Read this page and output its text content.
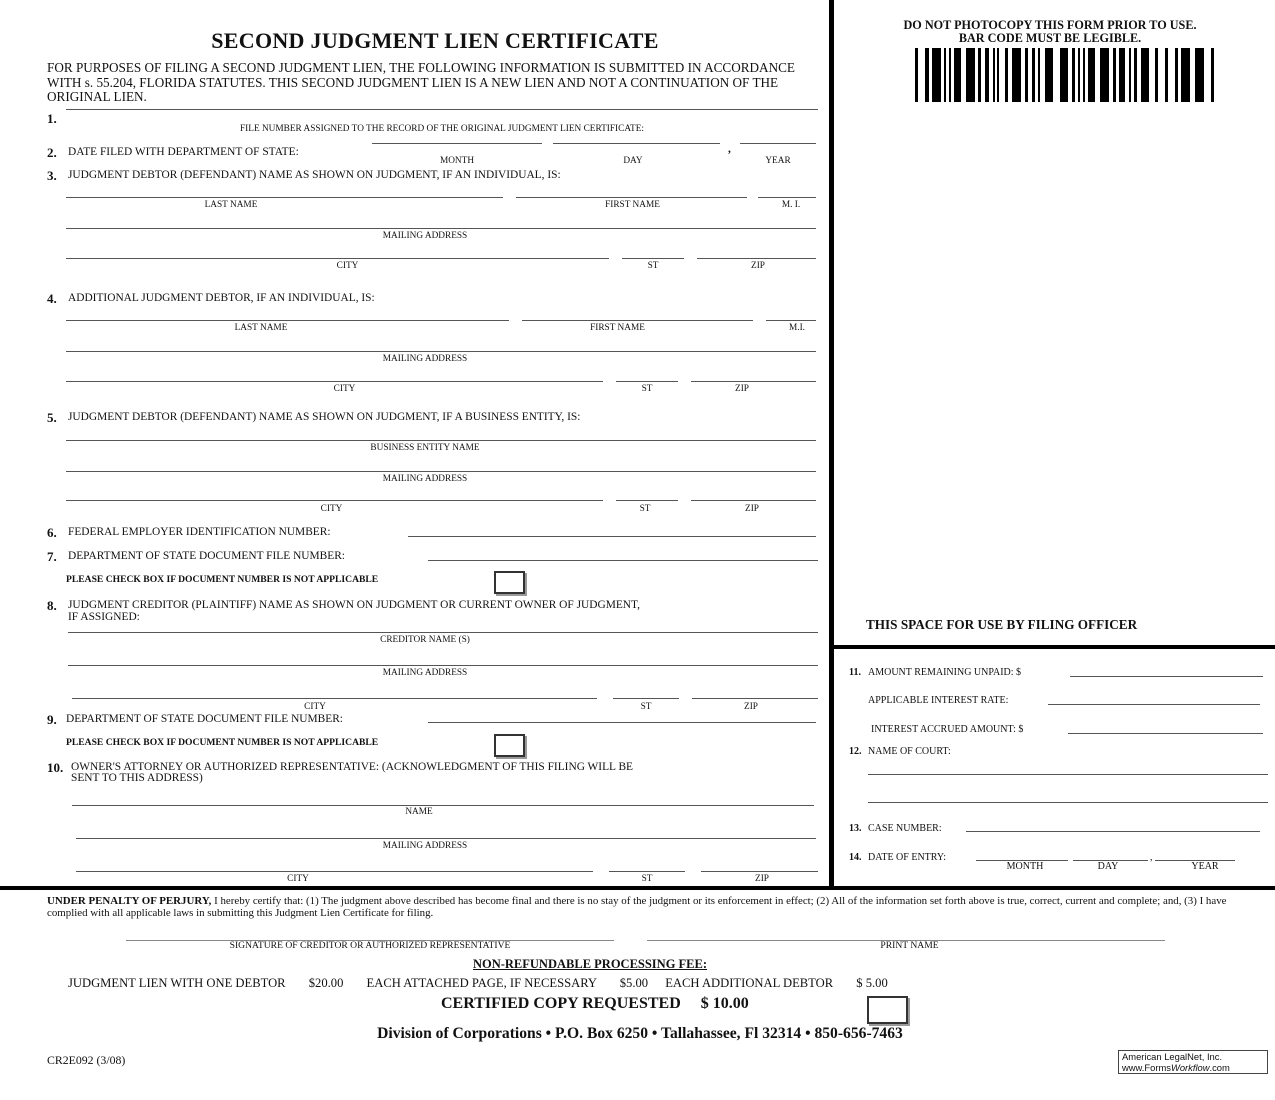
SECOND JUDGMENT LIEN CERTIFICATE
FOR PURPOSES OF FILING A SECOND JUDGMENT LIEN, THE FOLLOWING INFORMATION IS SUBMITTED IN ACCORDANCE WITH s. 55.204, FLORIDA STATUTES. THIS SECOND JUDGMENT LIEN IS A NEW LIEN AND NOT A CONTINUATION OF THE ORIGINAL LIEN.
1.
FILE NUMBER ASSIGNED TO THE RECORD OF THE ORIGINAL JUDGMENT LIEN CERTIFICATE:
2. DATE FILED WITH DEPARTMENT OF STATE:	,
MONTH	DAY	YEAR
3. JUDGMENT DEBTOR (DEFENDANT) NAME AS SHOWN ON JUDGMENT, IF AN INDIVIDUAL, IS:
LAST NAME	FIRST NAME	M. I.
MAILING ADDRESS
CITY	ST	ZIP
4. ADDITIONAL JUDGMENT DEBTOR, IF AN INDIVIDUAL, IS:
LAST NAME	FIRST NAME	M.I.
MAILING ADDRESS
CITY	ST	ZIP
5. JUDGMENT DEBTOR (DEFENDANT) NAME AS SHOWN ON JUDGMENT, IF A BUSINESS ENTITY, IS:
BUSINESS ENTITY NAME
MAILING ADDRESS
CITY	ST	ZIP
6. FEDERAL EMPLOYER IDENTIFICATION NUMBER:
7. DEPARTMENT OF STATE DOCUMENT FILE NUMBER:
PLEASE CHECK BOX IF DOCUMENT NUMBER IS NOT APPLICABLE
8. JUDGMENT CREDITOR (PLAINTIFF) NAME AS SHOWN ON JUDGMENT OR CURRENT OWNER OF JUDGMENT,
IF ASSIGNED:
CREDITOR NAME (S)
MAILING ADDRESS
CITY	ST	ZIP
9. DEPARTMENT OF STATE DOCUMENT FILE NUMBER:
PLEASE CHECK BOX IF DOCUMENT NUMBER IS NOT APPLICABLE
10. OWNER'S ATTORNEY OR AUTHORIZED REPRESENTATIVE: (ACKNOWLEDGMENT OF THIS FILING WILL BE
SENT TO THIS ADDRESS)
NAME
MAILING ADDRESS
CITY	ST	ZIP
DO NOT PHOTOCOPY THIS FORM PRIOR TO USE.
BAR CODE MUST BE LEGIBLE.
THIS SPACE FOR USE BY FILING OFFICER
11. AMOUNT REMAINING UNPAID: $
APPLICABLE INTEREST RATE:
INTEREST ACCRUED AMOUNT: $
12. NAME OF COURT:
13. CASE NUMBER:
14. DATE OF ENTRY:	,
MONTH	DAY	YEAR
UNDER PENALTY OF PERJURY, I hereby certify that: (1) The judgment above described has become final and there is no stay of the judgment or its enforcement in effect; (2) All of the information set forth above is true, correct, current and complete; and, (3) I have complied with all applicable laws in submitting this Judgment Lien Certificate for filing.
SIGNATURE OF CREDITOR OR AUTHORIZED REPRESENTATIVE	PRINT NAME
NON-REFUNDABLE PROCESSING FEE:
JUDGMENT LIEN WITH ONE DEBTOR $20.00 EACH ATTACHED PAGE, IF NECESSARY $5.00 EACH ADDITIONAL DEBTOR $ 5.00
CERTIFIED COPY REQUESTED $ 10.00
Division of Corporations • P.O. Box 6250 • Tallahassee, Fl 32314 • 850-656-7463
CR2E092 (3/08)	American LegalNet, Inc.
www.FormsWorkflow.com
